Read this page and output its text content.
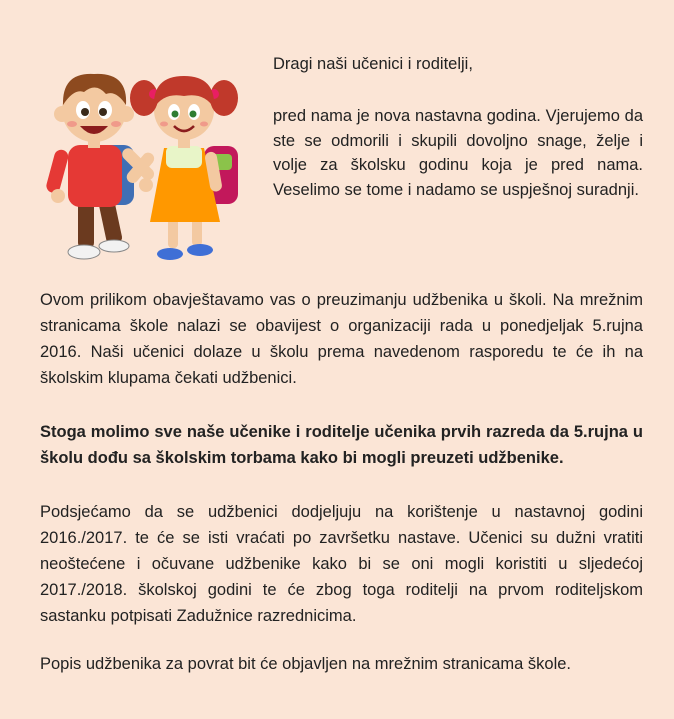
Dragi naši učenici i roditelji,
pred nama je nova nastavna godina. Vjerujemo da ste se odmorili i skupili dovoljno snage, želje i volje za školsku godinu koja je pred nama. Veselimo se tome i nadamo se uspješnoj suradnji.
Ovom prilikom obavještavamo vas o preuzimanju udžbenika u školi. Na mrežnim stranicama škole nalazi se obavijest o organizaciji rada u ponedjeljak 5.rujna 2016. Naši učenici dolaze u školu prema navedenom rasporedu te će ih na školskim klupama čekati udžbenici.
Stoga molimo sve naše učenike i roditelje učenika prvih razreda da 5.rujna u školu dođu sa školskim torbama kako bi mogli preuzeti udžbenike.
Podsjećamo da se udžbenici dodjeljuju na korištenje u nastavnoj godini 2016./2017. te će se isti vraćati po završetku nastave. Učenici su dužni vratiti neoštećene i očuvane udžbenike kako bi se oni mogli koristiti u sljedećoj 2017./2018. školskoj godini te će zbog toga roditelji na prvom roditeljskom sastanku potpisati Zadužnice razrednicima.
Popis udžbenika za povrat bit će objavljen na mrežnim stranicama škole.
